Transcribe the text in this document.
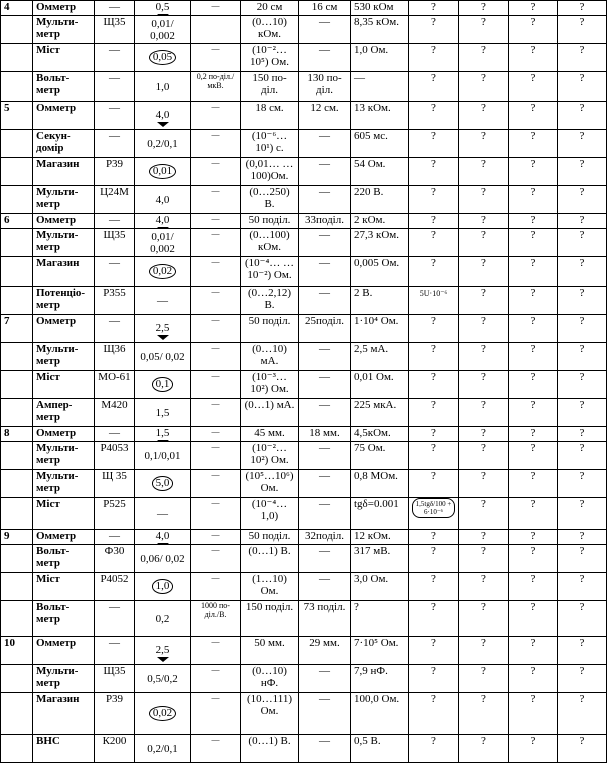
4	Омметр	—	0,5	—	20 см	16 см	530 кОм	?	?	?	?
	Мульти-метр	Щ35	0,01/ 0,002		(0…10) кОм.	—	8,35 кОм.	?	?	?	?
	Міст	—	0,05	—	(10⁻²…10⁵) Ом.	—	1,0 Ом.	?	?	?	?
	Вольт-метр	—	1,0	0,2 по-діл./мкВ.	150 по-діл.	130 по-діл.	—	?	?	?	?
5	Омметр	—	4,0	—	18 см.	12 см.	13 кОм.	?	?	?	?
	Секун-домір	—	0,2/0,1	—	(10⁻⁶…10¹) с.	—	605 мс.	?	?	?	?
	Магазин	Р39	0,01	—	(0,01… …100)Ом.	—	54 Ом.	?	?	?	?
	Мульти-метр	Ц24М	4,0	—	(0…250) В.	—	220 В.	?	?	?	?
6	Омметр	—	4,0	—	50 поділ.	33поділ.	2 кОм.	?	?	?	?
	Мульти-метр	Щ35	0,01/ 0,002	—	(0…100) кОм.	—	27,3 кОм.	?	?	?	?
	Магазин	—	0,02	—	(10⁻⁴… …10⁻²) Ом.	—	0,005 Ом.	?	?	?	?
	Потенціо-метр	Р355	—	—	(0…2,12) В.	—	2 В.	5U·10⁻⁶	?	?	?
7	Омметр	—	2,5	—	50 поділ.	25поділ.	1·10⁴ Ом.	?	?	?	?
	Мульти-метр	Щ36	0,05/ 0,02	—	(0…10) мА.	—	2,5 мА.	?	?	?	?
	Міст	МО-61	0,1	—	(10⁻³…10²) Ом.	—	0,01 Ом.	?	?	?	?
	Ампер-метр	М420	1,5	—	(0…1) мА.	—	225 мкА.	?	?	?	?
8	Омметр	—	1,5	—	45 мм.	18 мм.	4,5кОм.	?	?	?	?
	Мульти-метр	Р4053	0,1/0,01	—	(10⁻²…10²) Ом.	—	75 Ом.	?	?	?	?
	Мульти-метр	Щ 35	5,0	—	(10⁵…10⁶) Ом.	—	0,8 МОм.	?	?	?	?
	Міст	Р525	—	—	(10⁻⁴…1,0)	—	tgδ=0.001	1,5tgδ/100 + 6·10⁻⁶	?	?	?
9	Омметр	—	4,0	—	50 поділ.	32поділ.	12 кОм.	?	?	?	?
	Вольт-метр	Ф30	0,06/ 0,02	—	(0…1) В.	—	317 мВ.	?	?	?	?
	Міст	Р4052	1,0	—	(1…10) Ом.	—	3,0 Ом.	?	?	?	?
	Вольт-метр	—	0,2	1000 по-діл./В.	150 поділ.	73 поділ.	?	?	?	?	?
10	Омметр	—	2,5	—	50 мм.	29 мм.	7·10⁵ Ом.	?	?	?	?
	Мульти-метр	Щ35	0,5/0,2	—	(0…10) нФ.	—	7,9 нФ.	?	?	?	?
	Магазин	Р39	0,02	—	(10…111) Ом.	—	100,0 Ом.	?	?	?	?
	ВНС	К200	0,2/0,1	—	(0…1) В.	—	0,5 В.	?	?	?	?
